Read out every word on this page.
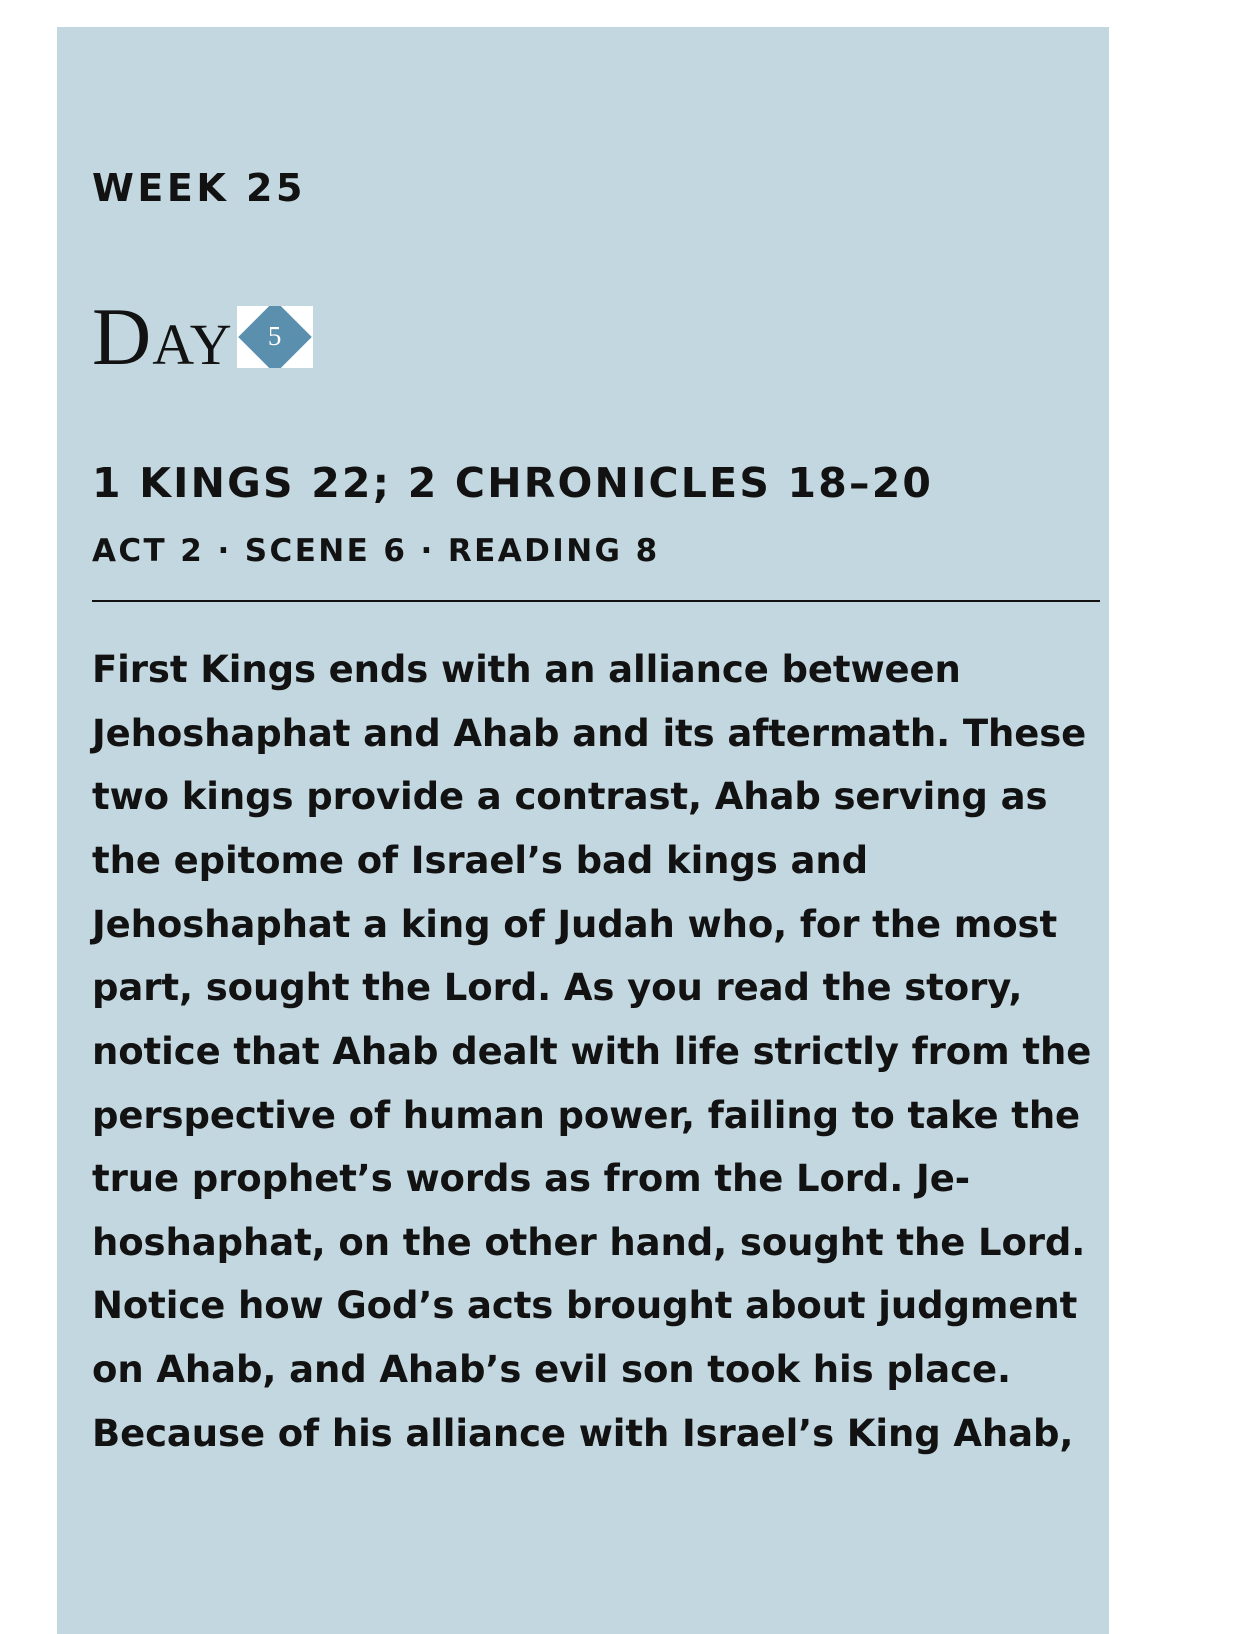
WEEK 25
DAY 5
1 KINGS 22; 2 CHRONICLES 18–20
ACT 2 · SCENE 6 · READING 8
First Kings ends with an alliance between Jehoshaphat and Ahab and its aftermath. These two kings provide a contrast, Ahab serving as the epitome of Israel’s bad kings and Jehoshaphat a king of Judah who, for the most part, sought the Lord. As you read the story, notice that Ahab dealt with life strictly from the perspective of human power, failing to take the true prophet’s words as from the Lord. Je-hoshaphat, on the other hand, sought the Lord. Notice how God’s acts brought about judgment on Ahab, and Ahab’s evil son took his place. Because of his alliance with Israel’s King Ahab,
